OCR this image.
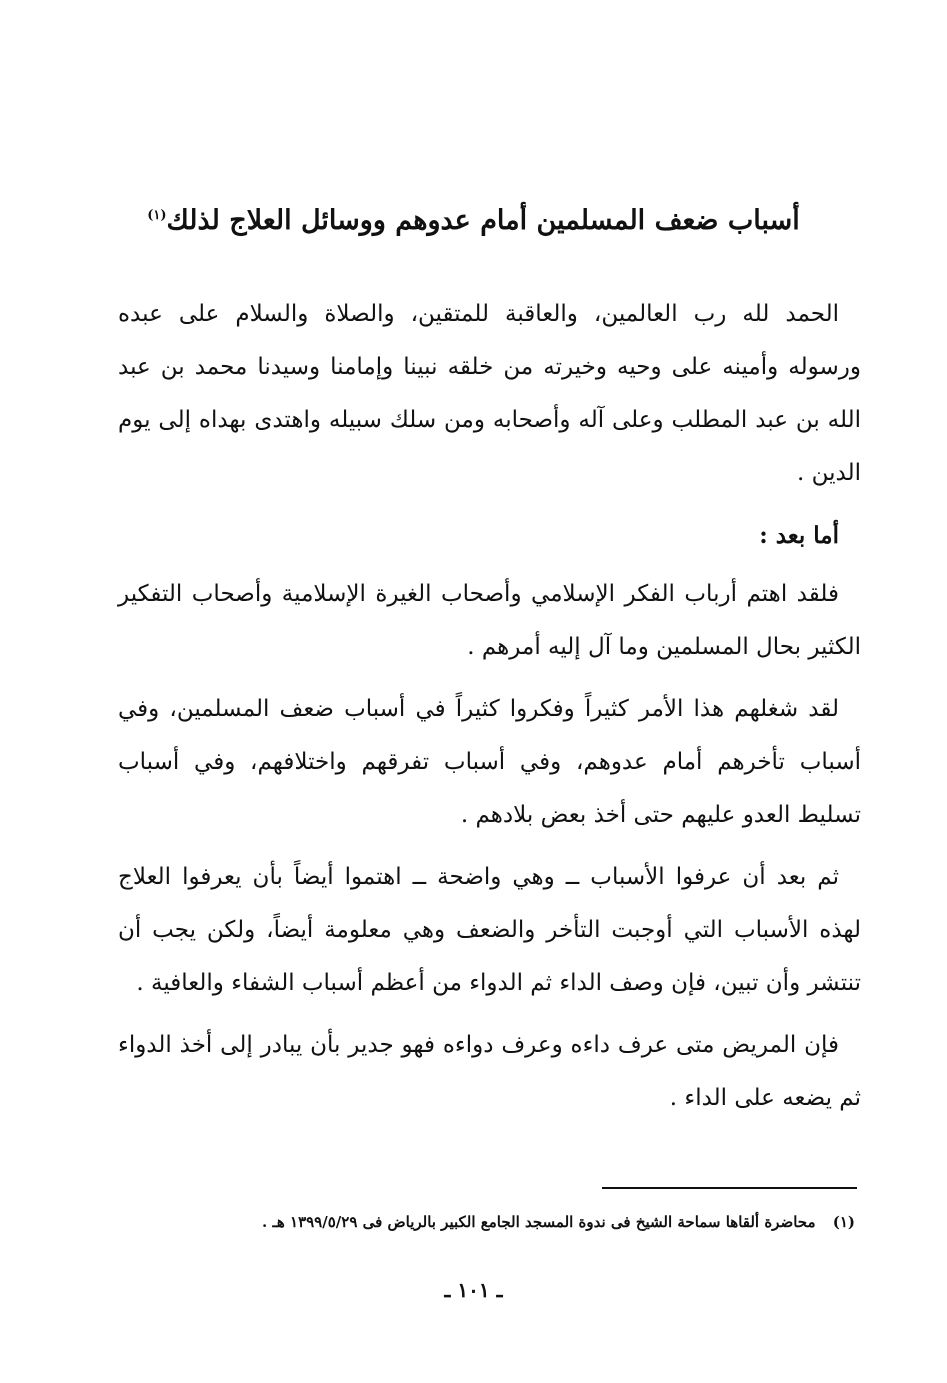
أسباب ضعف المسلمين أمام عدوهم ووسائل العلاج لذلك$^{(١)}$

الحمد لله رب العالمين، والعاقبة للمتقين، والصلاة والسلام على عبده ورسوله وأمينه على وحيه وخيرته من خلقه نبينا وإمامنا وسيدنا محمد بن عبد الله بن عبد المطلب وعلى آله وأصحابه ومن سلك سبيله واهتدى بهداه إلى يوم الدين .

أما بعد :

فلقد اهتم أرباب الفكر الإسلامي وأصحاب الغيرة الإسلامية وأصحاب التفكير الكثير بحال المسلمين وما آل إليه أمرهم .

لقد شغلهم هذا الأمر كثيراً وفكروا كثيراً في أسباب ضعف المسلمين، وفي أسباب تأخرهم أمام عدوهم، وفي أسباب تفرقهم واختلافهم، وفي أسباب تسليط العدو عليهم حتى أخذ بعض بلادهم .

ثم بعد أن عرفوا الأسباب ــ وهي واضحة ــ اهتموا أيضاً بأن يعرفوا العلاج لهذه الأسباب التي أوجبت التأخر والضعف وهي معلومة أيضاً، ولكن يجب أن تنتشر وأن تبين، فإن وصف الداء ثم الدواء من أعظم أسباب الشفاء والعافية .

فإن المريض متى عرف داءه وعرف دواءه فهو جدير بأن يبادر إلى أخذ الدواء ثم يضعه على الداء .

(١) محاضرة ألقاها سماحة الشيخ فى ندوة المسجد الجامع الكبير بالرياض فى ١٣٩٩/٥/٢٩ هـ .
ـ ١٠١ ـ
